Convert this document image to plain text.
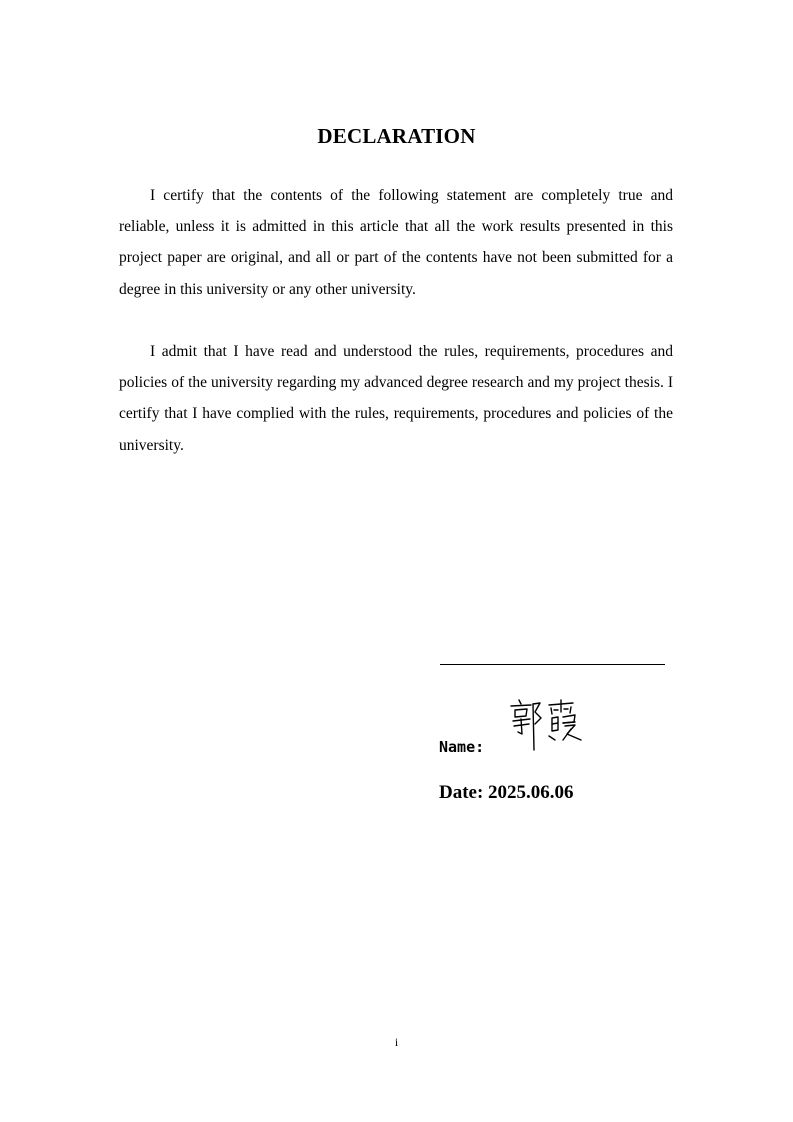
DECLARATION

I certify that the contents of the following statement are completely true and reliable, unless it is admitted in this article that all the work results presented in this project paper are original, and all or part of the contents have not been submitted for a degree in this university or any other university.

I admit that I have read and understood the rules, requirements, procedures and policies of the university regarding my advanced degree research and my project thesis. I certify that I have complied with the rules, requirements, procedures and policies of the university.

Name:
Date: 2025.06.06
i
